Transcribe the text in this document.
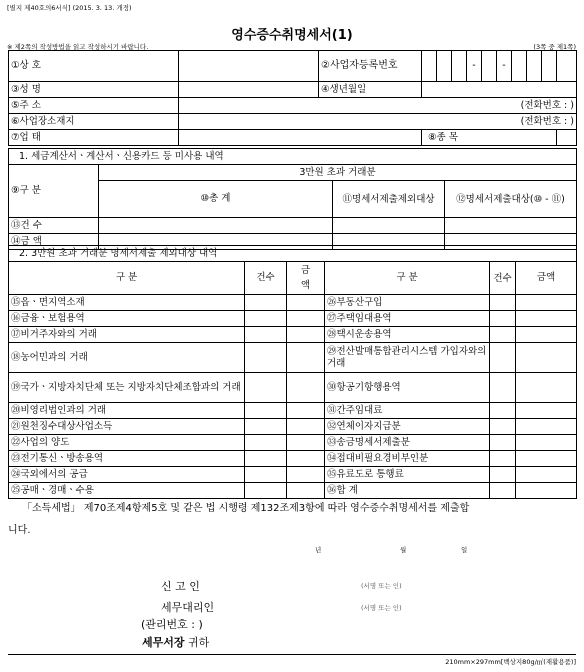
[별지 제40호의6서식] (2015. 3. 13. 개정)
영수증수취명세서(1)
※ 제2쪽의 작성방법을 읽고 작성하시기 바랍니다.	(3쪽 중 제1쪽)
①상 호		②사업자등록번호				-		-				

③성 명		④생년월일										
⑤주 소	(전화번호 : )											
⑥사업장소재지	(전화번호 : )											
⑦업 태			⑧종 목									
1. 세금계산서ㆍ계산서ㆍ신용카드 등 미사용 내역			
⑨구 분	3만원 초과 거래분		
	⑩총 계	⑪명세서제출제외대상	⑫명세서제출대상(⑩ - ⑪)

⑬건 수			
⑭금 액			
2. 3만원 초과 거래분 명세서제출 제외대상 내역					
구 분	건수	금액	구 분	건수	금액
⑮읍ㆍ면지역소재			㉖부동산구입		
⑯금융ㆍ보험용역			㉗주택임대용역		
⑰비거주자와의 거래			㉘택시운송용역		
⑱농어민과의 거래			㉙전산발매통합관리시스템 가입자와의 거래		
⑲국가ㆍ지방자치단체 또는 지방자치단체조합과의 거래			㉚항공기항행용역		
⑳비영리법인과의 거래			㉛간주임대료		
㉑원천징수대상사업소득			㉜연체이자지급분		
㉒사업의 양도			㉝송금명세서제출분		
㉓전기통신ㆍ방송용역			㉞접대비필요경비부인분		
㉔국외에서의 공급			㉟유료도로 통행료		
㉕공매ㆍ경매ㆍ수용			㊱합 계		
「소득세법」 제70조제4항제5호 및 같은 법 시행령 제132조제3항에 따라 영수증수취명세서를 제출합
니다.
년	월	일
신 고 인	(서명 또는 인)
세무대리인	(서명 또는 인)
(관리번호 : )
세무서장 귀하
210mm×297mm[백상지80g/㎡(재활용품)]
